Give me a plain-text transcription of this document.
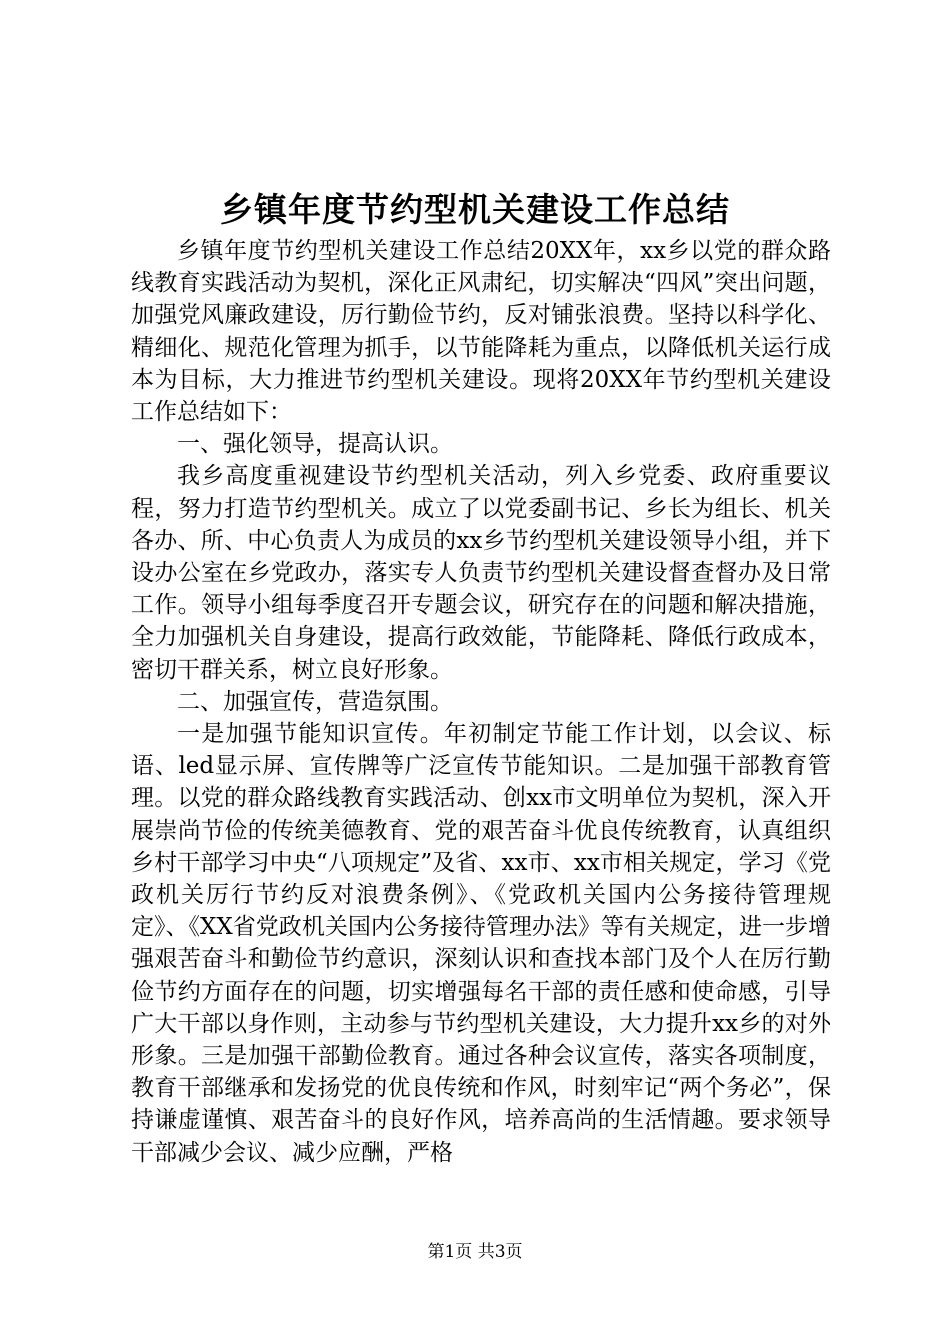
乡镇年度节约型机关建设工作总结

乡镇年度节约型机关建设工作总结20XX年，xx乡以党的群众路线教育实践活动为契机，深化正风肃纪，切实解决“四风”突出问题，加强党风廉政建设，厉行勤俭节约，反对铺张浪费。坚持以科学化、精细化、规范化管理为抓手，以节能降耗为重点，以降低机关运行成本为目标，大力推进节约型机关建设。现将20XX年节约型机关建设工作总结如下：

一、强化领导，提高认识。

我乡高度重视建设节约型机关活动，列入乡党委、政府重要议程，努力打造节约型机关。成立了以党委副书记、乡长为组长、机关各办、所、中心负责人为成员的xx乡节约型机关建设领导小组，并下设办公室在乡党政办，落实专人负责节约型机关建设督查督办及日常工作。领导小组每季度召开专题会议，研究存在的问题和解决措施，全力加强机关自身建设，提高行政效能，节能降耗、降低行政成本，密切干群关系，树立良好形象。

二、加强宣传，营造氛围。

一是加强节能知识宣传。年初制定节能工作计划，以会议、标语、led显示屏、宣传牌等广泛宣传节能知识。二是加强干部教育管理。以党的群众路线教育实践活动、创xx市文明单位为契机，深入开展崇尚节俭的传统美德教育、党的艰苦奋斗优良传统教育，认真组织乡村干部学习中央“八项规定”及省、xx市、xx市相关规定，学习《党政机关厉行节约反对浪费条例》、《党政机关国内公务接待管理规定》、《XX省党政机关国内公务接待管理办法》等有关规定，进一步增强艰苦奋斗和勤俭节约意识，深刻认识和查找本部门及个人在厉行勤俭节约方面存在的问题，切实增强每名干部的责任感和使命感，引导广大干部以身作则，主动参与节约型机关建设，大力提升xx乡的对外形象。三是加强干部勤俭教育。通过各种会议宣传，落实各项制度，教育干部继承和发扬党的优良传统和作风，时刻牢记“两个务必”，保持谦虚谨慎、艰苦奋斗的良好作风，培养高尚的生活情趣。要求领导干部减少会议、减少应酬，严格

第1页 共3页
